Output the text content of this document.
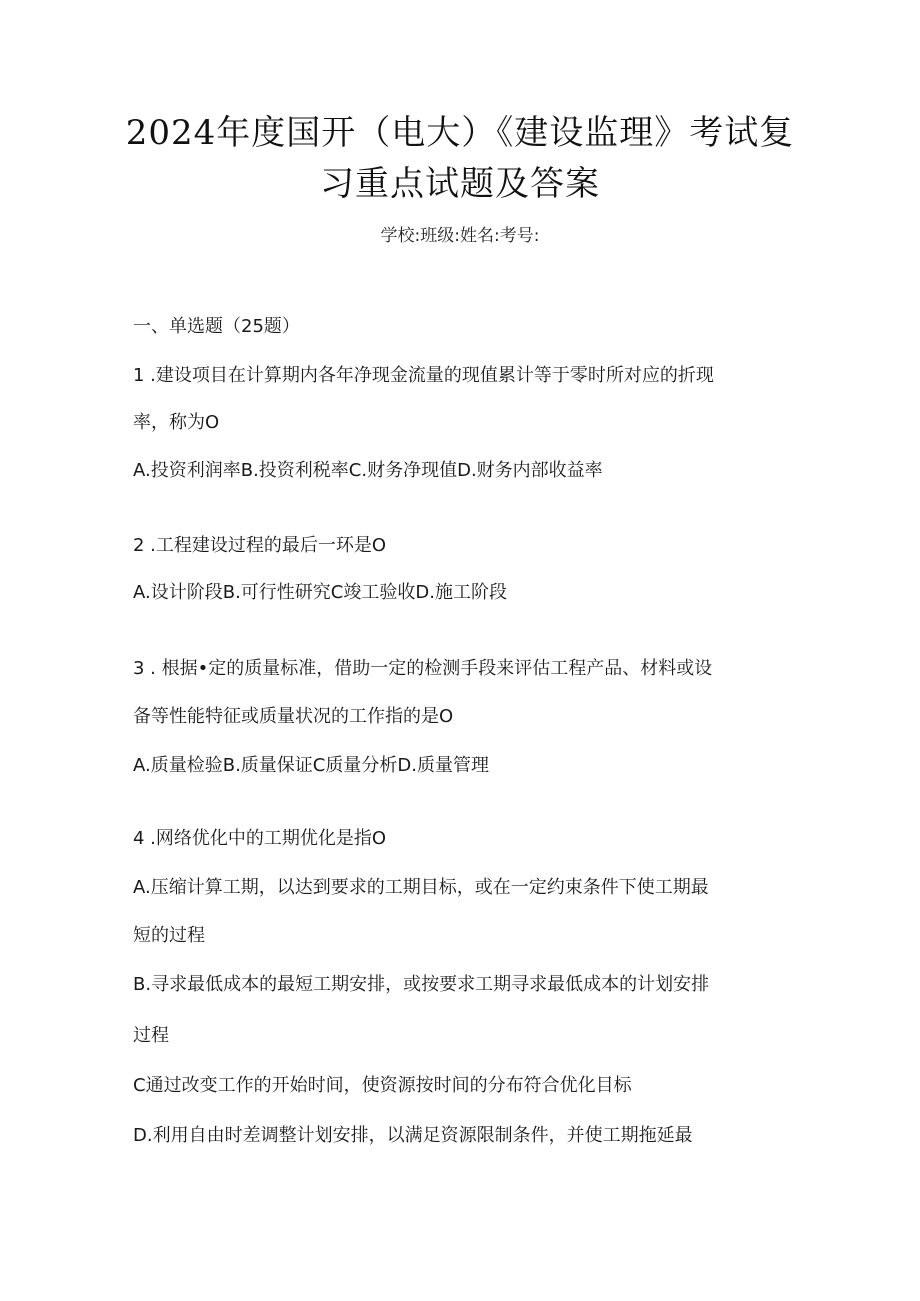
2024年度国开（电大）《建设监理》考试复
习重点试题及答案
学校:班级:姓名:考号:
一、单选题（25题）
1 .建设项目在计算期内各年净现金流量的现值累计等于零时所对应的折现
率，称为O
A.投资利润率B.投资利税率C.财务净现值D.财务内部收益率
2 .工程建设过程的最后一环是O
A.设计阶段B.可行性研究C竣工验收D.施工阶段
3 . 根据•定的质量标准，借助一定的检测手段来评估工程产品、材料或设
备等性能特征或质量状况的工作指的是O
A.质量检验B.质量保证C质量分析D.质量管理
4 .网络优化中的工期优化是指O
A.压缩计算工期，以达到要求的工期目标，或在一定约束条件下使工期最
短的过程
B.寻求最低成本的最短工期安排，或按要求工期寻求最低成本的计划安排
过程
C通过改变工作的开始时间，使资源按时间的分布符合优化目标
D.利用自由时差调整计划安排，以满足资源限制条件，并使工期拖延最
